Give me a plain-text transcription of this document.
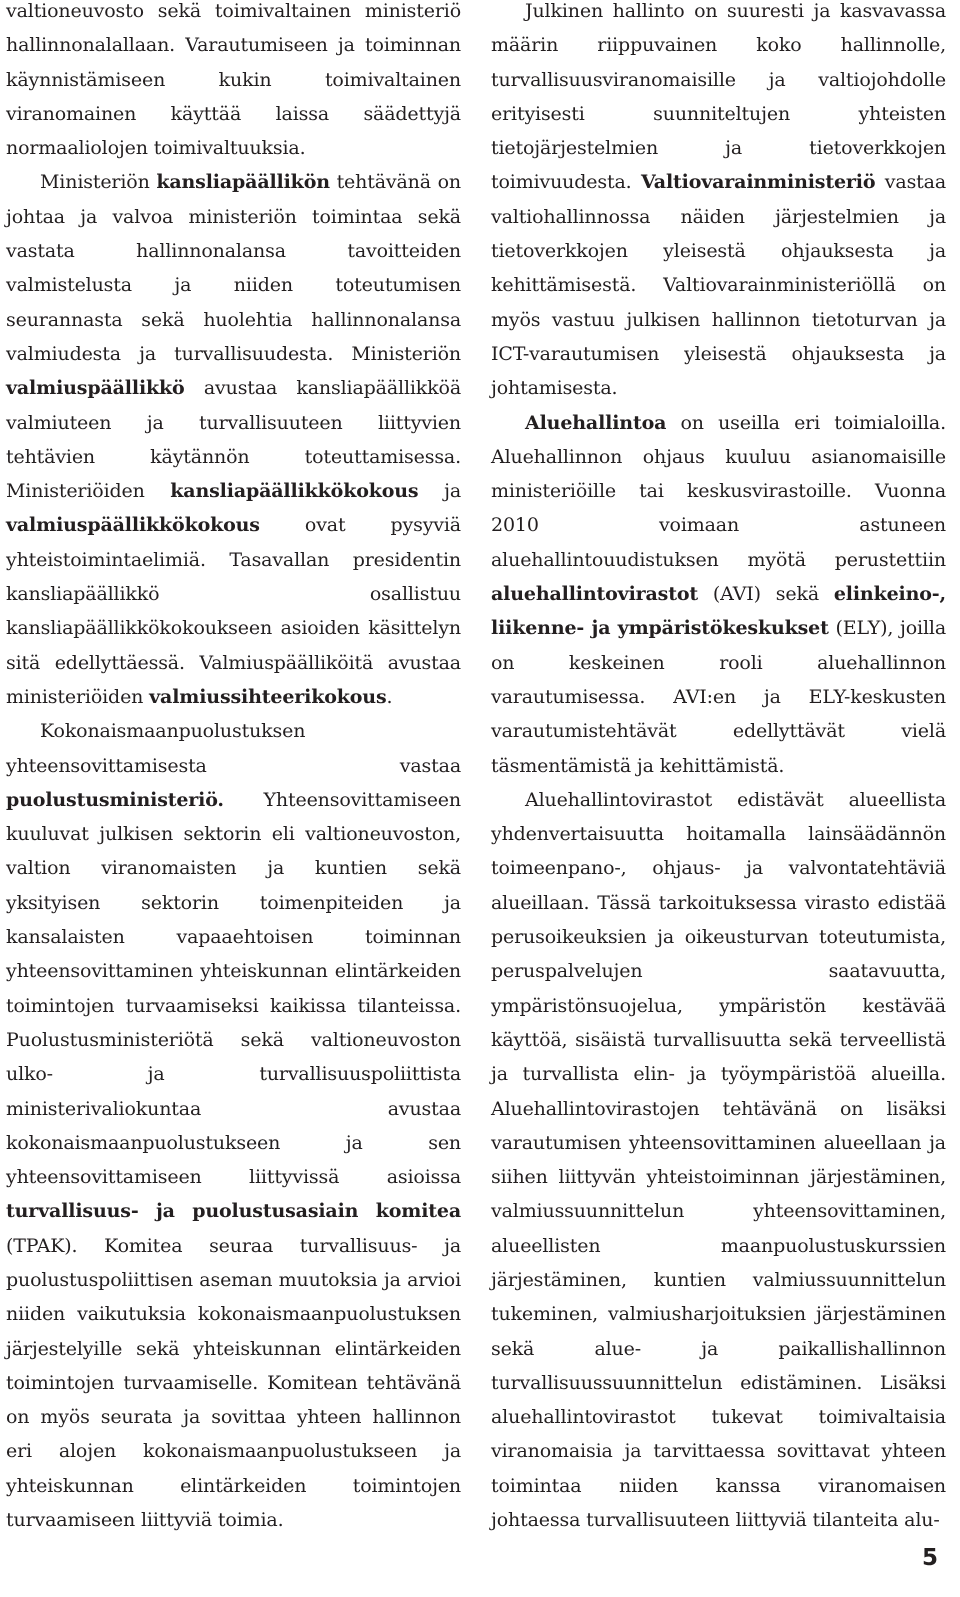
valtioneuvosto sekä toimivaltainen ministeriö hallinnonalallaan. Varautumiseen ja toiminnan käynnistämiseen kukin toimivaltainen viranomainen käyttää laissa säädettyjä normaaliolojen toimivaltuuksia.

Ministeriön kansliapäällikön tehtävänä on johtaa ja valvoa ministeriön toimintaa sekä vastata hallinnonalansa tavoitteiden valmistelusta ja niiden toteutumisen seurannasta sekä huolehtia hallinnonalansa valmiudesta ja turvallisuudesta. Ministeriön valmiuspäällikkö avustaa kansliapäällikköä valmiuteen ja turvallisuuteen liittyvien tehtävien käytännön toteuttamisessa. Ministeriöiden kansliapäällikkökokous ja valmiuspäällikkökokous ovat pysyviä yhteistoimintaelimiä. Tasavallan presidentin kansliapäällikkö osallistuu kansliapäällikkökokoukseen asioiden käsittelyn sitä edellyttäessä. Valmiuspäälliköitä avustaa ministeriöiden valmiussihteerikokous.

Kokonaismaanpuolustuksen yhteensovittamisesta vastaa puolustusministeriö. Yhteensovittamiseen kuuluvat julkisen sektorin eli valtioneuvoston, valtion viranomaisten ja kuntien sekä yksityisen sektorin toimenpiteiden ja kansalaisten vapaaehtoisen toiminnan yhteensovittaminen yhteiskunnan elintärkeiden toimintojen turvaamiseksi kaikissa tilanteissa. Puolustusministeriötä sekä valtioneuvoston ulko- ja turvallisuuspoliittista ministerivaliokuntaa avustaa kokonaismaanpuolustukseen ja sen yhteensovittamiseen liittyvissä asioissa turvallisuus- ja puolustusasiain komitea (TPAK). Komitea seuraa turvallisuus- ja puolustuspoliittisen aseman muutoksia ja arvioi niiden vaikutuksia kokonaismaanpuolustuksen järjestelyille sekä yhteiskunnan elintärkeiden toimintojen turvaamiselle. Komitean tehtävänä on myös seurata ja sovittaa yhteen hallinnon eri alojen kokonaismaanpuolustukseen ja yhteiskunnan elintärkeiden toimintojen turvaamiseen liittyviä toimia.

Julkinen hallinto on suuresti ja kasvavassa määrin riippuvainen koko hallinnolle, turvallisuusviranomaisille ja valtiojohdolle erityisesti suunniteltujen yhteisten tietojärjestelmien ja tietoverkkojen toimivuudesta. Valtiovarainministeriö vastaa valtiohallinnossa näiden järjestelmien ja tietoverkkojen yleisestä ohjauksesta ja kehittämisestä. Valtiovarainministeriöllä on myös vastuu julkisen hallinnon tietoturvan ja ICT-varautumisen yleisestä ohjauksesta ja johtamisesta.

Aluehallintoa on useilla eri toimialoilla. Aluehallinnon ohjaus kuuluu asianomaisille ministeriöille tai keskusvirastoille. Vuonna 2010 voimaan astuneen aluehallintouudistuksen myötä perustettiin aluehallintovirastot (AVI) sekä elinkeino-, liikenne- ja ympäristökeskukset (ELY), joilla on keskeinen rooli aluehallinnon varautumisessa. AVI:en ja ELY-keskusten varautumistehtävät edellyttävät vielä täsmentämistä ja kehittämistä.

Aluehallintovirastot edistävät alueellista yhdenvertaisuutta hoitamalla lainsäädännön toimeenpano-, ohjaus- ja valvontatehtäviä alueillaan. Tässä tarkoituksessa virasto edistää perusoikeuksien ja oikeusturvan toteutumista, peruspalvelujen saatavuutta, ympäristönsuojelua, ympäristön kestävää käyttöä, sisäistä turvallisuutta sekä terveellistä ja turvallista elin- ja työympäristöä alueilla. Aluehallintovirastojen tehtävänä on lisäksi varautumisen yhteensovittaminen alueellaan ja siihen liittyvän yhteistoiminnan järjestäminen, valmiussuunnittelun yhteensovittaminen, alueellisten maanpuolustuskurssien järjestäminen, kuntien valmiussuunnittelun tukeminen, valmiusharjoituksien järjestäminen sekä alue- ja paikallishallinnon turvallisuussuunnittelun edistäminen. Lisäksi aluehallintovirastot tukevat toimivaltaisia viranomaisia ja tarvittaessa sovittavat yhteen toimintaa niiden kanssa viranomaisen johtaessa turvallisuuteen liittyviä tilanteita alu-

5
